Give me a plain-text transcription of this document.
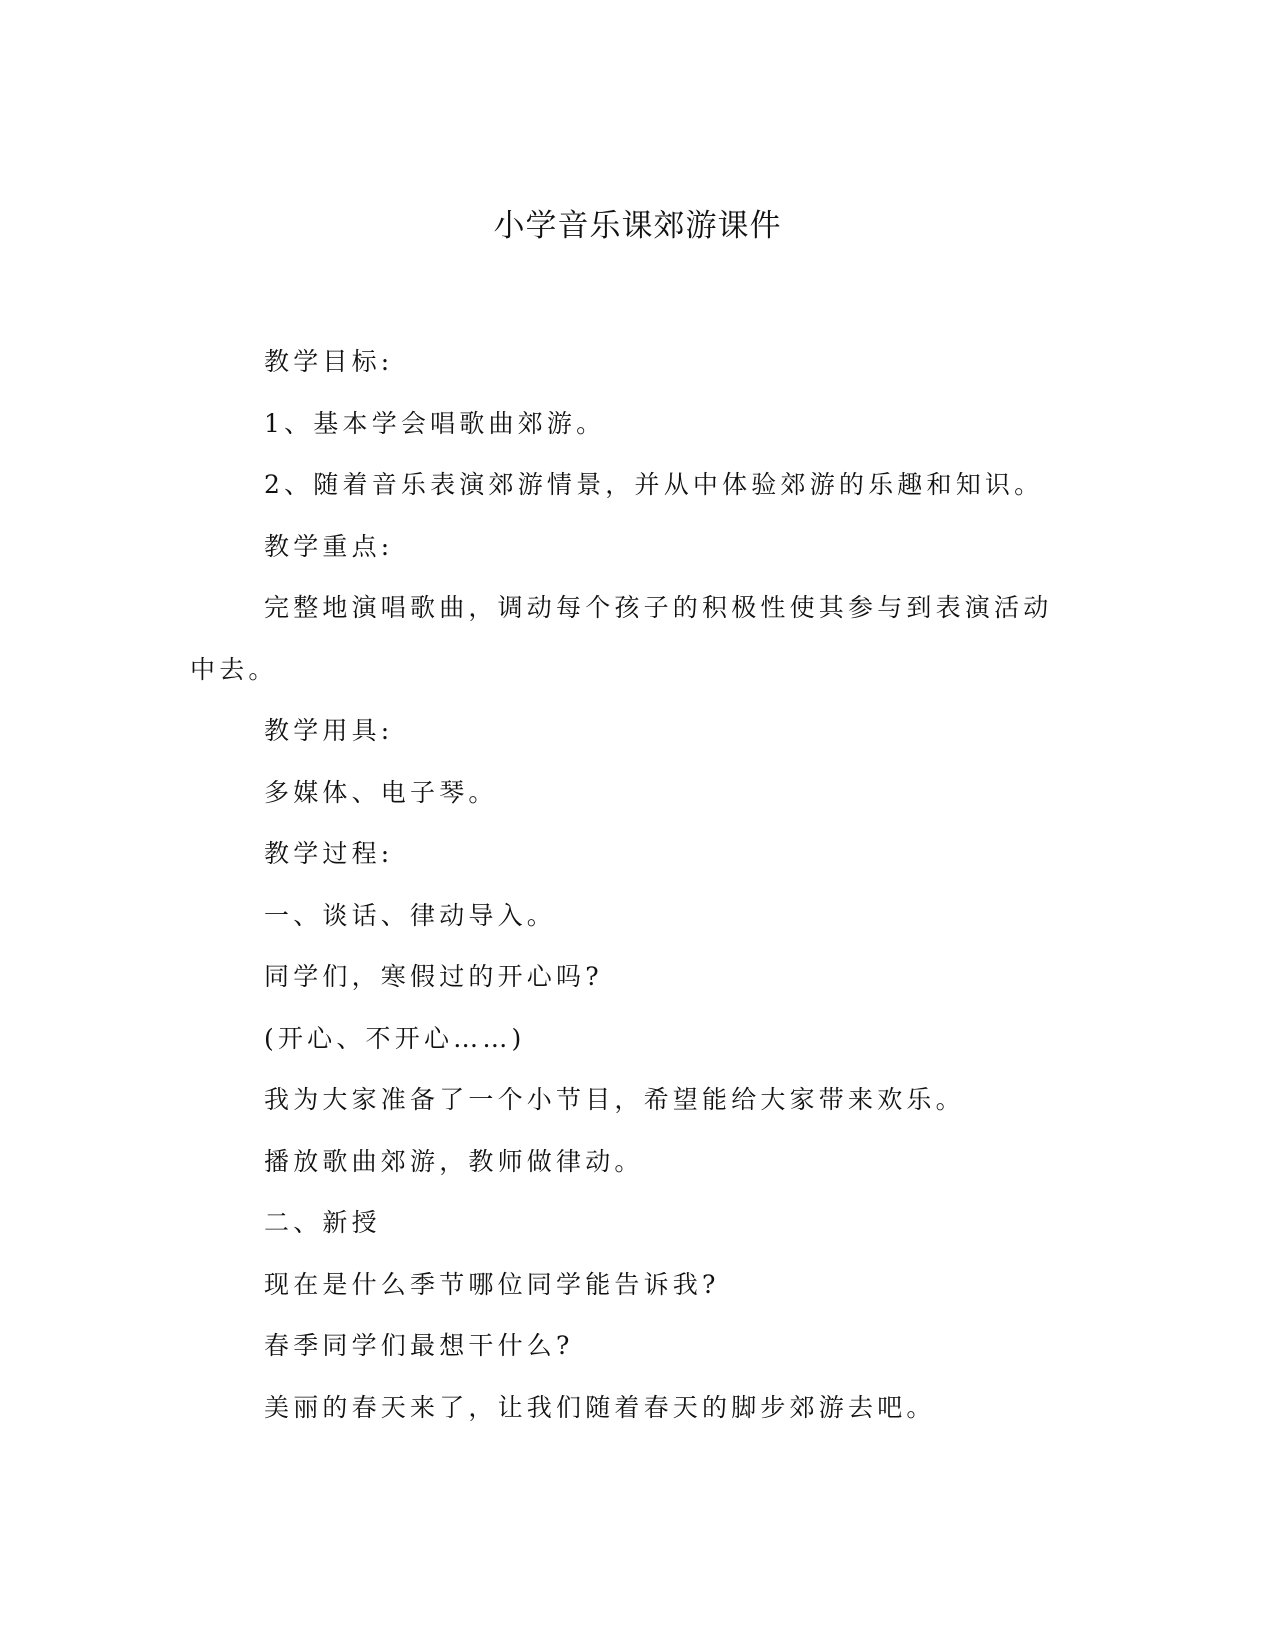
小学音乐课郊游课件

教学目标:

1、基本学会唱歌曲郊游。

2、随着音乐表演郊游情景，并从中体验郊游的乐趣和知识。

教学重点:

完整地演唱歌曲，调动每个孩子的积极性使其参与到表演活动中去。

教学用具:

多媒体、电子琴。

教学过程:

一、谈话、律动导入。

同学们，寒假过的开心吗?

(开心、不开心……)

我为大家准备了一个小节目，希望能给大家带来欢乐。

播放歌曲郊游，教师做律动。

二、新授

现在是什么季节哪位同学能告诉我?

春季同学们最想干什么?

美丽的春天来了，让我们随着春天的脚步郊游去吧。
